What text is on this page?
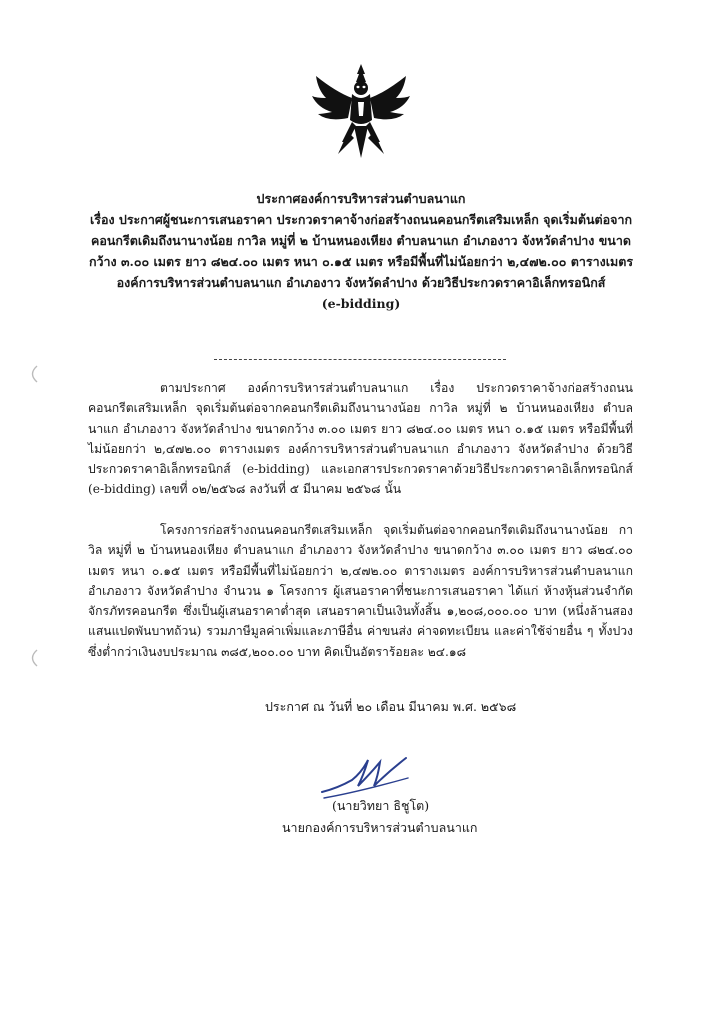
ประกาศองค์การบริหารส่วนตำบลนาแก
เรื่อง ประกาศผู้ชนะการเสนอราคา ประกวดราคาจ้างก่อสร้างถนนคอนกรีตเสริมเหล็ก จุดเริ่มต้นต่อจาก
คอนกรีตเดิมถึงนานางน้อย กาวิล หมู่ที่ ๒ บ้านหนองเหียง ตำบลนาแก อำเภองาว จังหวัดลำปาง ขนาด
กว้าง ๓.๐๐ เมตร ยาว ๘๒๔.๐๐ เมตร หนา ๐.๑๕ เมตร หรือมีพื้นที่ไม่น้อยกว่า ๒,๔๗๒.๐๐ ตารางเมตร
องค์การบริหารส่วนตำบลนาแก อำเภองาว จังหวัดลำปาง ด้วยวิธีประกวดราคาอิเล็กทรอนิกส์
(e-bidding)

ตามประกาศ องค์การบริหารส่วนตำบลนาแก เรื่อง ประกวดราคาจ้างก่อสร้างถนนคอนกรีตเสริมเหล็ก จุดเริ่มต้นต่อจากคอนกรีตเดิมถึงนานางน้อย กาวิล หมู่ที่ ๒ บ้านหนองเหียง ตำบลนาแก อำเภองาว จังหวัดลำปาง ขนาดกว้าง ๓.๐๐ เมตร ยาว ๘๒๔.๐๐ เมตร หนา ๐.๑๕ เมตร หรือมีพื้นที่ไม่น้อยกว่า ๒,๔๗๒.๐๐ ตารางเมตร องค์การบริหารส่วนตำบลนาแก อำเภองาว จังหวัดลำปาง ด้วยวิธีประกวดราคาอิเล็กทรอนิกส์ (e-bidding) และเอกสารประกวดราคาด้วยวิธีประกวดราคาอิเล็กทรอนิกส์ (e-bidding) เลขที่ ๐๒/๒๕๖๘ ลงวันที่ ๕ มีนาคม ๒๕๖๘ นั้น

โครงการก่อสร้างถนนคอนกรีตเสริมเหล็ก จุดเริ่มต้นต่อจากคอนกรีตเดิมถึงนานางน้อย กาวิล หมู่ที่ ๒ บ้านหนองเหียง ตำบลนาแก อำเภองาว จังหวัดลำปาง ขนาดกว้าง ๓.๐๐ เมตร ยาว ๘๒๔.๐๐ เมตร หนา ๐.๑๕ เมตร หรือมีพื้นที่ไม่น้อยกว่า ๒,๔๗๒.๐๐ ตารางเมตร องค์การบริหารส่วนตำบลนาแก อำเภองาว จังหวัดลำปาง จำนวน ๑ โครงการ ผู้เสนอราคาที่ชนะการเสนอราคา ได้แก่ ห้างหุ้นส่วนจำกัด จักรภัทรคอนกรีต ซึ่งเป็นผู้เสนอราคาต่ำสุด เสนอราคาเป็นเงินทั้งสิ้น ๑,๒๐๘,๐๐๐.๐๐ บาท (หนึ่งล้านสองแสนแปดพันบาทถ้วน) รวมภาษีมูลค่าเพิ่มและภาษีอื่น ค่าขนส่ง ค่าจดทะเบียน และค่าใช้จ่ายอื่น ๆ ทั้งปวง ซึ่งต่ำกว่าเงินงบประมาณ ๓๘๕,๒๐๐.๐๐ บาท คิดเป็นอัตราร้อยละ ๒๔.๑๘

ประกาศ ณ วันที่ ๒๐ เดือน มีนาคม พ.ศ. ๒๕๖๘
(นายวิทยา ธิชูโต)
นายกองค์การบริหารส่วนตำบลนาแก
